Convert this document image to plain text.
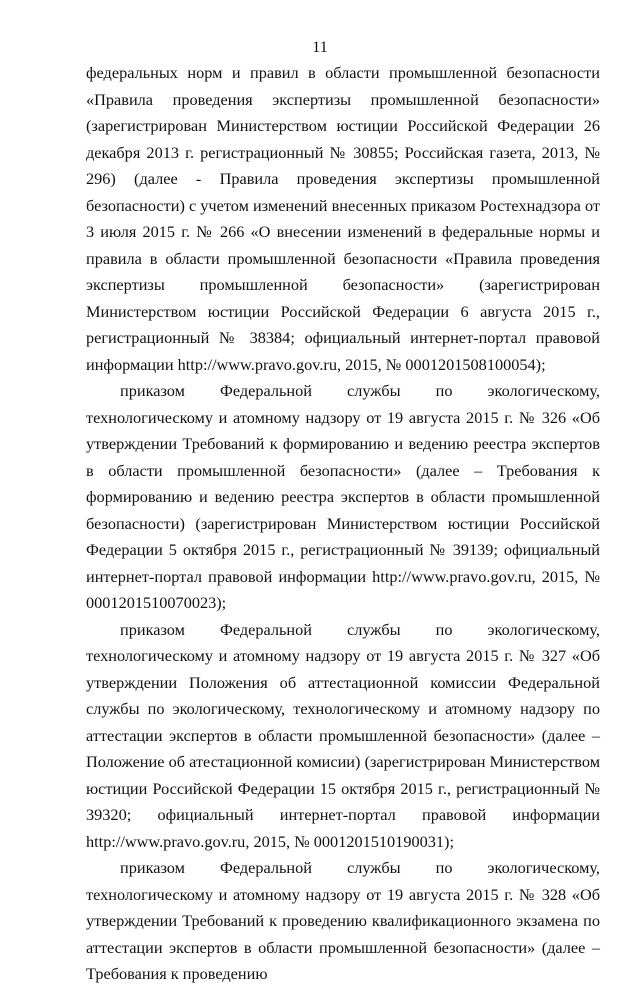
11

федеральных норм и правил в области промышленной безопасности «Правила проведения экспертизы промышленной безопасности» (зарегистрирован Министерством юстиции Российской Федерации 26 декабря 2013 г. регистрационный № 30855; Российская газета, 2013, № 296) (далее - Правила проведения экспертизы промышленной безопасности) с учетом изменений внесенных приказом Ростехнадзора от 3 июля 2015 г. № 266 «О внесении изменений в федеральные нормы и правила в области промышленной безопасности «Правила проведения экспертизы промышленной безопасности» (зарегистрирован Министерством юстиции Российской Федерации 6 августа 2015 г., регистрационный № 38384; официальный интернет-портал правовой информации http://www.pravo.gov.ru, 2015, № 0001201508100054);

приказом Федеральной службы по экологическому, технологическому и атомному надзору от 19 августа 2015 г. № 326 «Об утверждении Требований к формированию и ведению реестра экспертов в области промышленной безопасности» (далее – Требования к формированию и ведению реестра экспертов в области промышленной безопасности) (зарегистрирован Министерством юстиции Российской Федерации 5 октября 2015 г., регистрационный № 39139; официальный интернет-портал правовой информации http://www.pravo.gov.ru, 2015, № 0001201510070023);

приказом Федеральной службы по экологическому, технологическому и атомному надзору от 19 августа 2015 г. № 327 «Об утверждении Положения об аттестационной комиссии Федеральной службы по экологическому, технологическому и атомному надзору по аттестации экспертов в области промышленной безопасности» (далее – Положение об атестационной комисии) (зарегистрирован Министерством юстиции Российской Федерации 15 октября 2015 г., регистрационный № 39320; официальный интернет-портал правовой информации http://www.pravo.gov.ru, 2015, № 0001201510190031);

приказом Федеральной службы по экологическому, технологическому и атомному надзору от 19 августа 2015 г. № 328 «Об утверждении Требований к проведению квалификационного экзамена по аттестации экспертов в области промышленной безопасности» (далее – Требования к проведению
